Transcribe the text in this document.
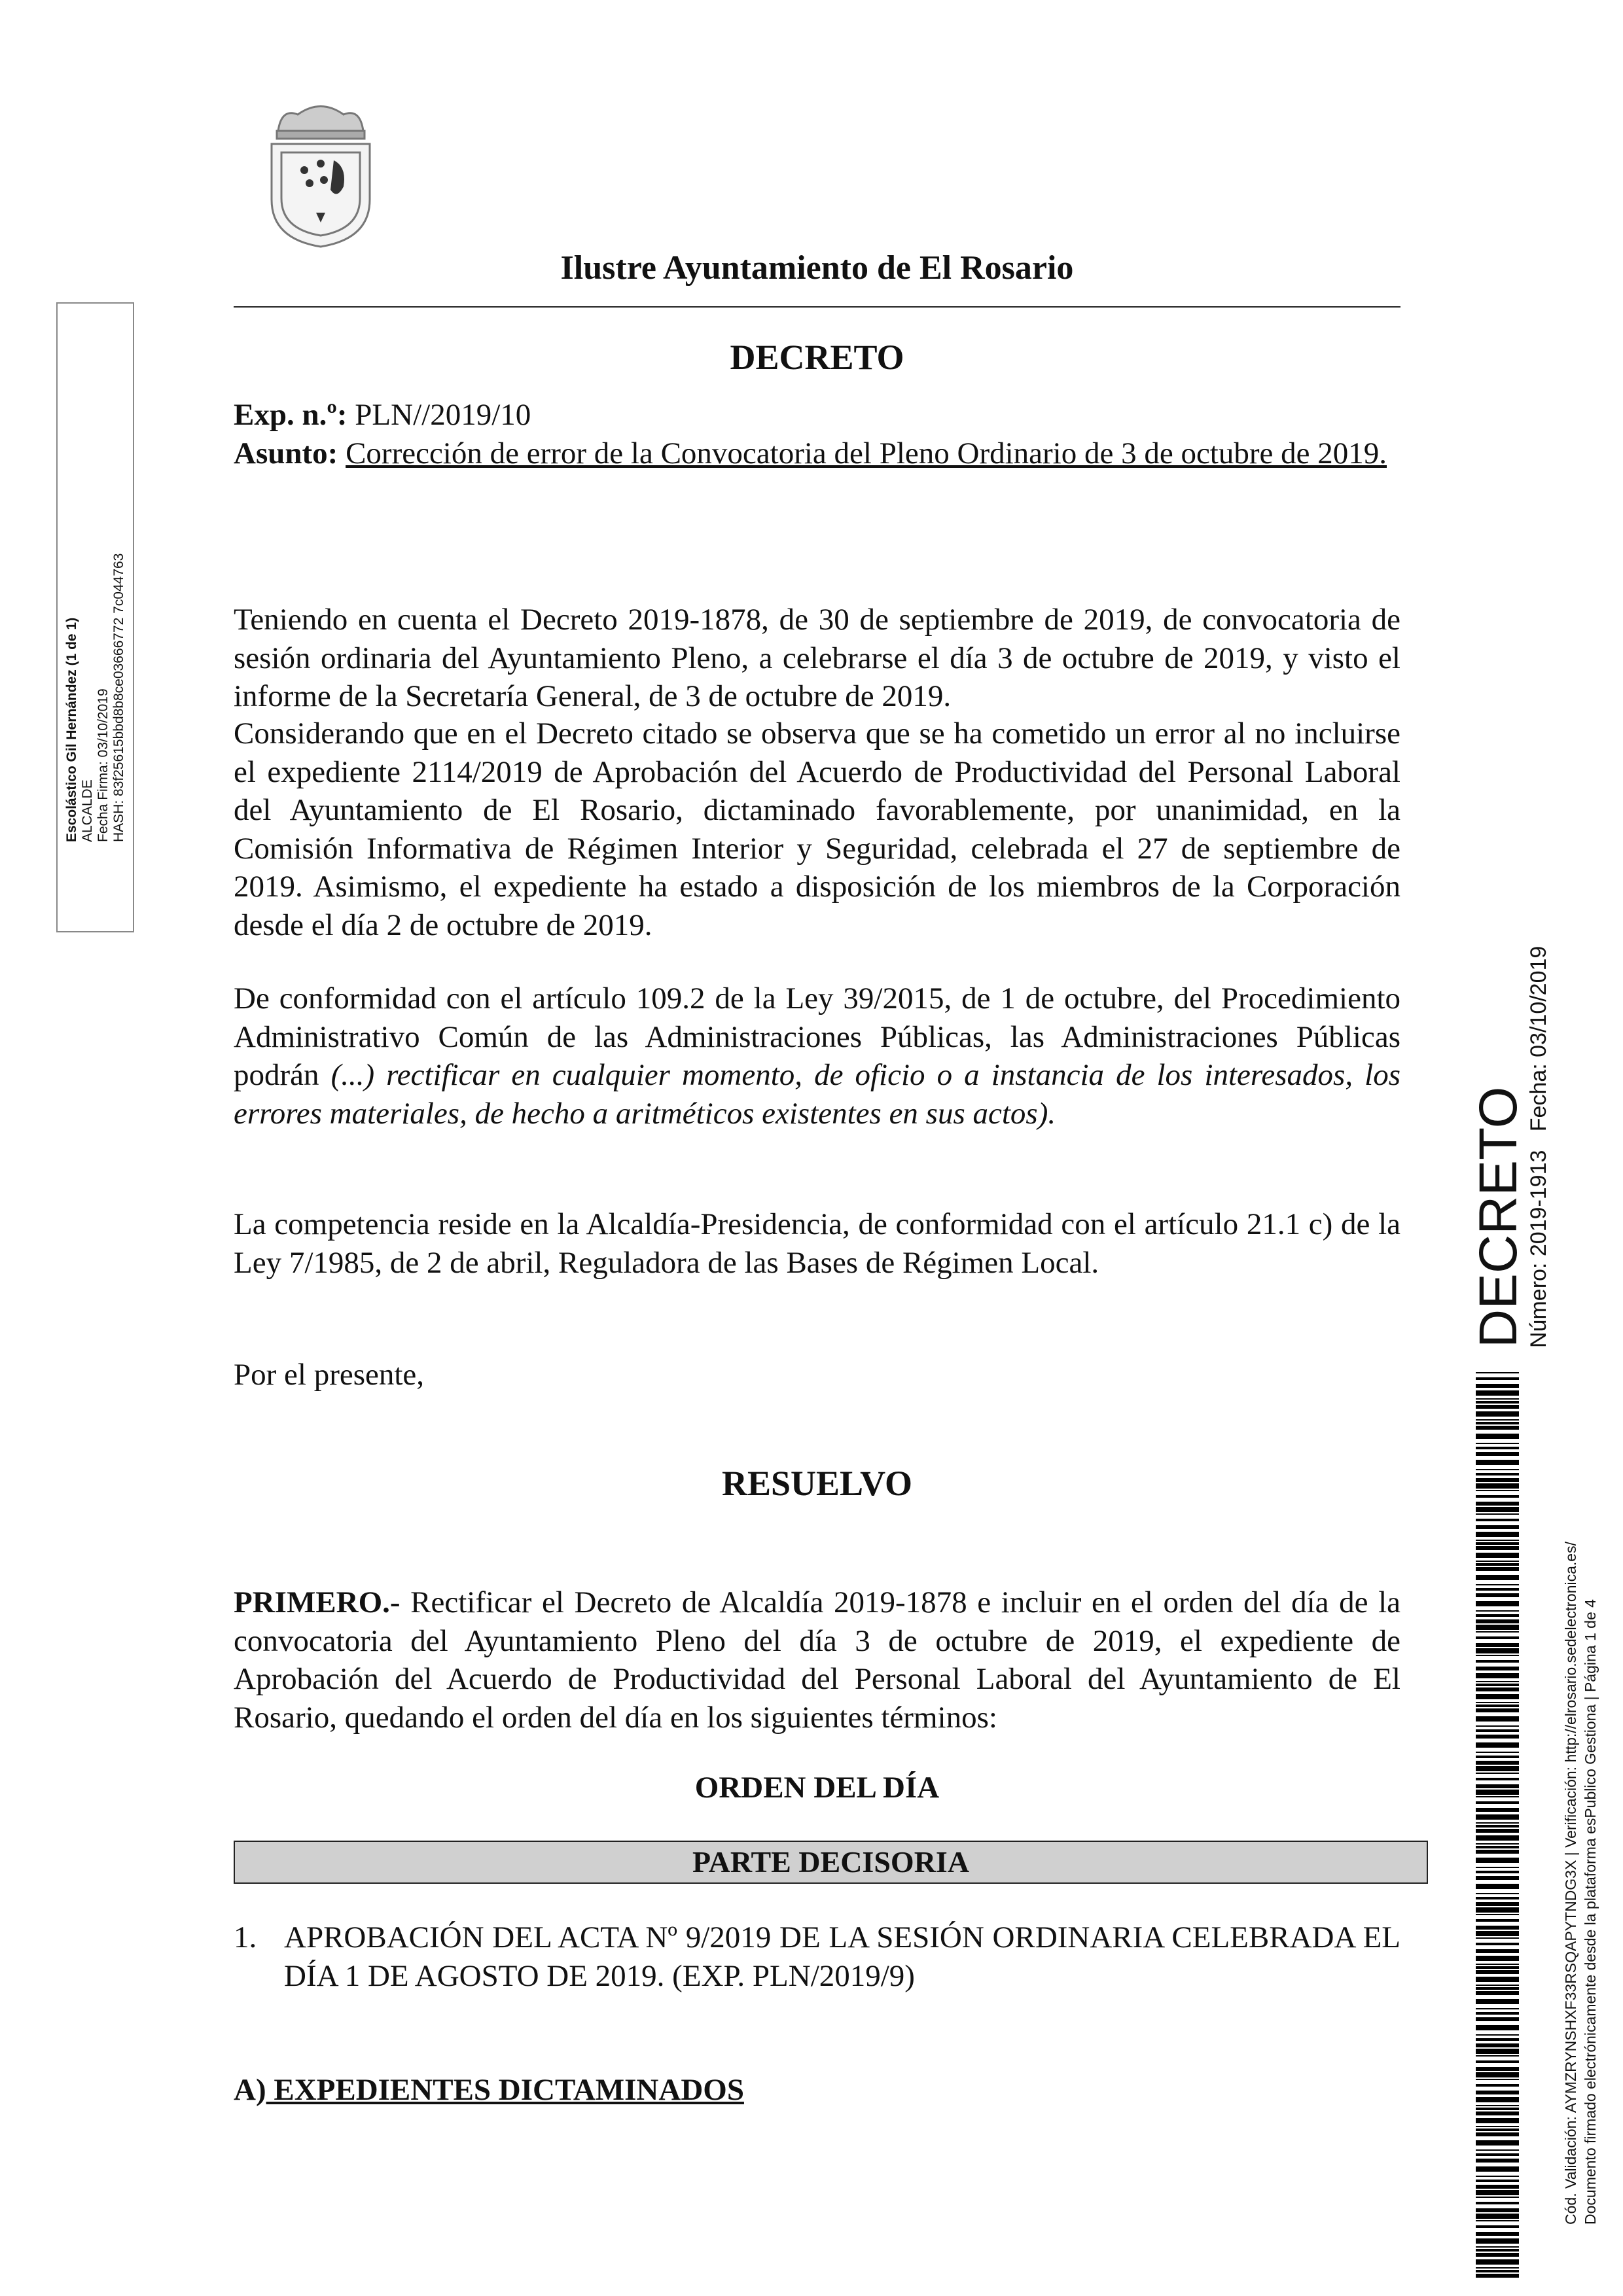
Ilustre Ayuntamiento de El Rosario
DECRETO
Exp. n.º: PLN//2019/10
Asunto: Corrección de error de la Convocatoria del Pleno Ordinario de 3 de octubre de 2019.
Teniendo en cuenta el Decreto 2019-1878, de 30 de septiembre de 2019, de convocatoria de sesión ordinaria del Ayuntamiento Pleno, a celebrarse el día 3 de octubre de 2019, y visto el informe de la Secretaría General, de 3 de octubre de 2019.
Considerando que en el Decreto citado se observa que se ha cometido un error al no incluirse el expediente 2114/2019 de Aprobación del Acuerdo de Productividad del Personal Laboral del Ayuntamiento de El Rosario, dictaminado favorablemente, por unanimidad, en la Comisión Informativa de Régimen Interior y Seguridad, celebrada el 27 de septiembre de 2019. Asimismo, el expediente ha estado a disposición de los miembros de la Corporación desde el día 2 de octubre de 2019.
De conformidad con el artículo 109.2 de la Ley 39/2015, de 1 de octubre, del Procedimiento Administrativo Común de las Administraciones Públicas, las Administraciones Públicas podrán (...) rectificar en cualquier momento, de oficio o a instancia de los interesados, los errores materiales, de hecho a aritméticos existentes en sus actos).
La competencia reside en la Alcaldía-Presidencia, de conformidad con el artículo 21.1 c) de la Ley 7/1985, de 2 de abril, Reguladora de las Bases de Régimen Local.
Por el presente,
RESUELVO
PRIMERO.- Rectificar el Decreto de Alcaldía 2019-1878 e incluir en el orden del día de la convocatoria del Ayuntamiento Pleno del día 3 de octubre de 2019, el expediente de Aprobación del Acuerdo de Productividad del Personal Laboral del Ayuntamiento de El Rosario, quedando el orden del día en los siguientes términos:
ORDEN DEL DÍA
PARTE DECISORIA
1. APROBACIÓN DEL ACTA Nº 9/2019 DE LA SESIÓN ORDINARIA CELEBRADA EL DÍA 1 DE AGOSTO DE 2019. (EXP. PLN/2019/9)
A) EXPEDIENTES DICTAMINADOS
Escolástico Gil Hernández (1 de 1) ALCALDE Fecha Firma: 03/10/2019 HASH: 83f25615bbd8b8ce03666772 7c044763
DECRETO
Número: 2019-1913   Fecha: 03/10/2019
Cód. Validación: AYMZRYNSHXF33RSQAPYTNDG3X | Verificación: http://elrosario.sedelectronica.es/ Documento firmado electrónicamente desde la plataforma esPublico Gestiona | Página 1 de 4
